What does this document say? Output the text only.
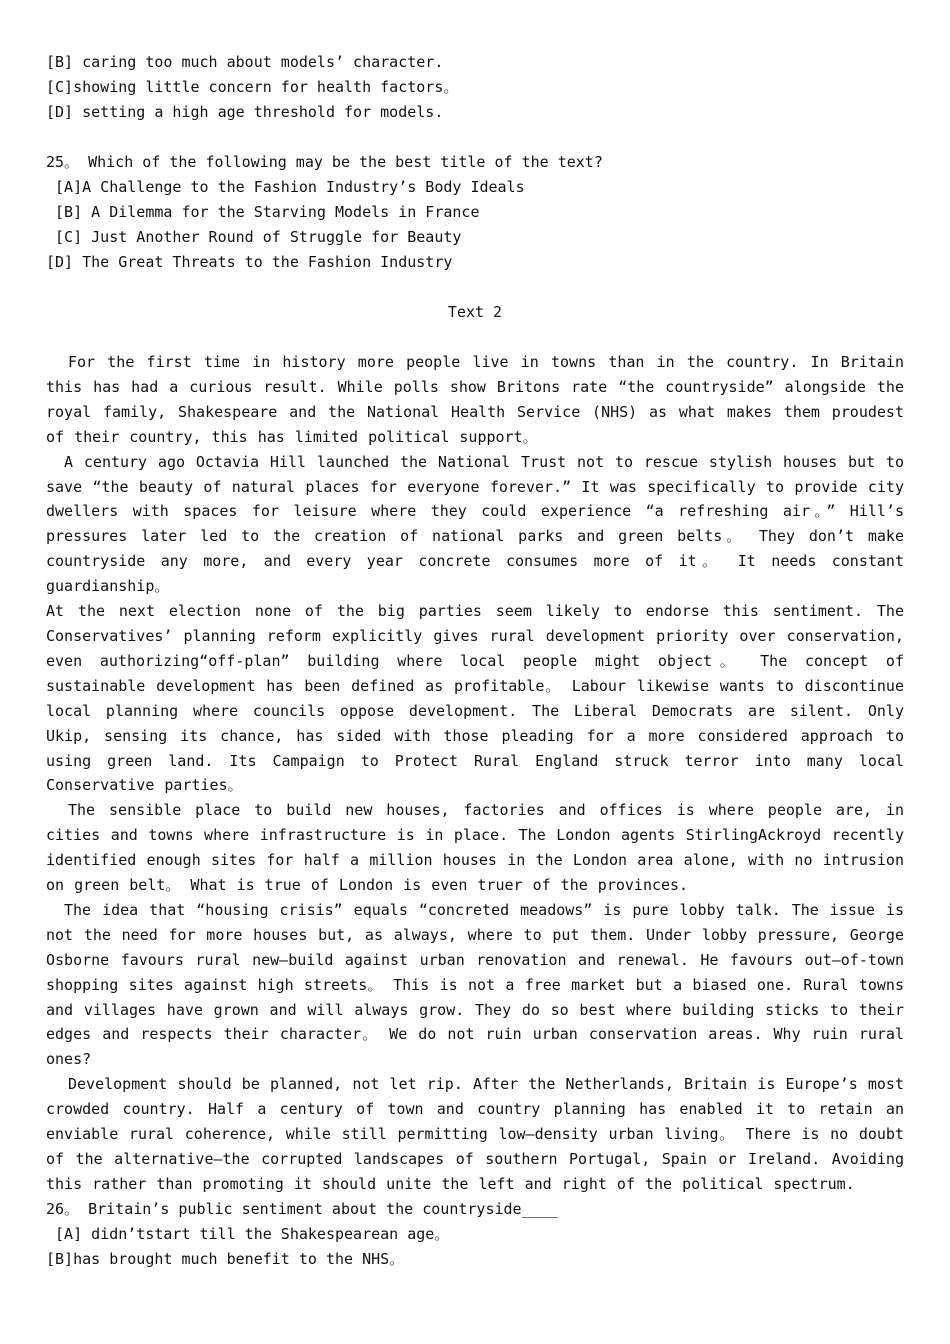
[B] caring too much about models’ character.
[C]showing little concern for health factors。
[D] setting a high age threshold for models.
25。 Which of the following may be the best title of the text?
[A]A Challenge to the Fashion Industry’s Body Ideals
[B] A Dilemma for the Starving Models in France
[C] Just Another Round of Struggle for Beauty
[D] The Great Threats to the Fashion Industry
Text 2
For the first time in history more people live in towns than in the country. In Britain this has had a curious result. While polls show Britons rate “the countryside” alongside the royal family, Shakespeare and the National Health Service (NHS) as what makes them proudest of their country, this has limited political support。
A century ago Octavia Hill launched the National Trust not to rescue stylish houses but to save “the beauty of natural places for everyone forever.” It was specifically to provide city dwellers with spaces for leisure where they could experience “a refreshing air。” Hill’s pressures later led to the creation of national parks and green belts。 They don’t make countryside any more, and every year concrete consumes more of it。 It needs constant guardianship。
At the next election none of the big parties seem likely to endorse this sentiment. The Conservatives’ planning reform explicitly gives rural development priority over conservation, even authorizing“off-plan” building where local people might object。 The concept of sustainable development has been defined as profitable。 Labour likewise wants to discontinue local planning where councils oppose development. The Liberal Democrats are silent. Only Ukip, sensing its chance, has sided with those pleading for a more considered approach to using green land. Its Campaign to Protect Rural England struck terror into many local Conservative parties。
The sensible place to build new houses, factories and offices is where people are, in cities and towns where infrastructure is in place. The London agents StirlingAckroyd recently identified enough sites for half a million houses in the London area alone, with no intrusion on green belt。 What is true of London is even truer of the provinces.
The idea that “housing crisis” equals “concreted meadows” is pure lobby talk. The issue is not the need for more houses but, as always, where to put them. Under lobby pressure, George Osborne favours rural new—build against urban renovation and renewal. He favours out—of-town shopping sites against high streets。 This is not a free market but a biased one. Rural towns and villages have grown and will always grow. They do so best where building sticks to their edges and respects their character。 We do not ruin urban conservation areas. Why ruin rural ones?
Development should be planned, not let rip. After the Netherlands, Britain is Europe’s most crowded country. Half a century of town and country planning has enabled it to retain an enviable rural coherence, while still permitting low—density urban living。 There is no doubt of the alternative—the corrupted landscapes of southern Portugal, Spain or Ireland. Avoiding this rather than promoting it should unite the left and right of the political spectrum.
26。 Britain’s public sentiment about the countryside____
[A] didn’tstart till the Shakespearean age。
[B]has brought much benefit to the NHS。
